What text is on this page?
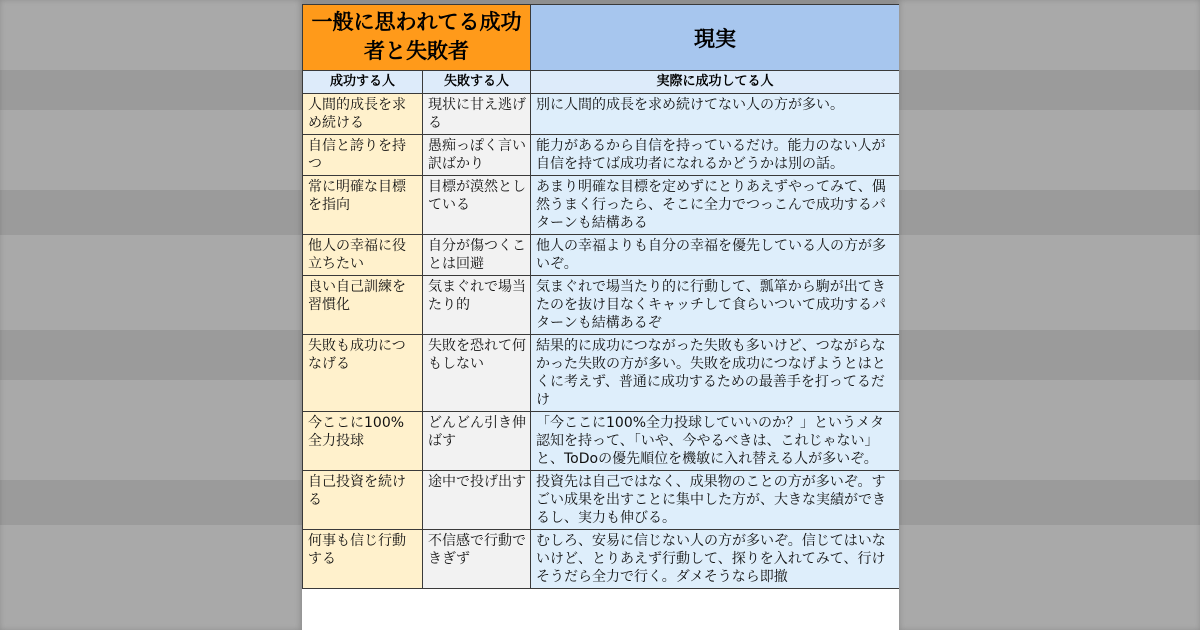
一般に思われてる成功者と失敗者		現実
成功する人	失敗する人	実際に成功してる人

人間的成長を求め続ける	現状に甘え逃げる	別に人間的成長を求め続けてない人の方が多い。

自信と誇りを持つ	愚痴っぽく言い訳ばかり	能力があるから自信を持っているだけ。能力のない人が自信を持てば成功者になれるかどうかは別の話。

常に明確な目標を指向	目標が漠然としている	あまり明確な目標を定めずにとりあえずやってみて、偶然うまく行ったら、そこに全力でつっこんで成功するパターンも結構ある

他人の幸福に役立ちたい	自分が傷つくことは回避	他人の幸福よりも自分の幸福を優先している人の方が多いぞ。

良い自己訓練を習慣化	気まぐれで場当たり的	気まぐれで場当たり的に行動して、瓢箪から駒が出てきたのを抜け目なくキャッチして食らいついて成功するパターンも結構あるぞ

失敗も成功につなげる	失敗を恐れて何もしない	結果的に成功につながった失敗も多いけど、つながらなかった失敗の方が多い。失敗を成功につなげようとはとくに考えず、普通に成功するための最善手を打ってるだけ

今ここに100%全力投球	どんどん引き伸ばす	「今ここに100%全力投球していいのか？」というメタ認知を持って、「いや、今やるべきは、これじゃない」と、ToDoの優先順位を機敏に入れ替える人が多いぞ。

自己投資を続ける	途中で投げ出す	投資先は自己ではなく、成果物のことの方が多いぞ。すごい成果を出すことに集中した方が、大きな実績ができるし、実力も伸びる。

何事も信じ行動する	不信感で行動できぎず	むしろ、安易に信じない人の方が多いぞ。信じてはいないけど、とりあえず行動して、探りを入れてみて、行けそうだら全力で行く。ダメそうなら即撤
